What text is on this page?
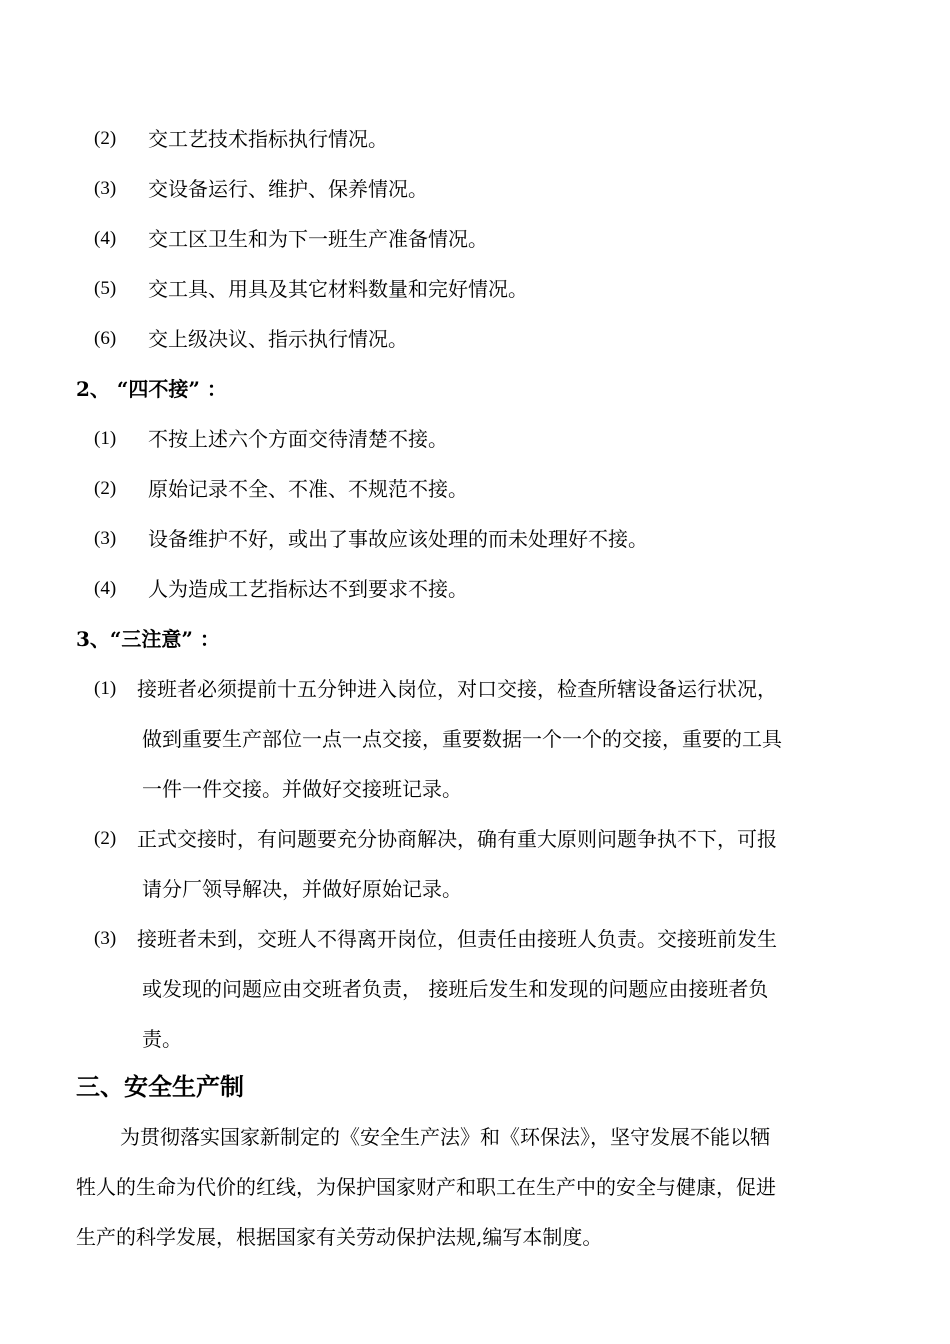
(2) 交工艺技术指标执行情况。
(3) 交设备运行、维护、保养情况。
(4) 交工区卫生和为下一班生产准备情况。
(5) 交工具、用具及其它材料数量和完好情况。
(6) 交上级决议、指示执行情况。
2、 “四不接” ：
(1) 不按上述六个方面交待清楚不接。
(2) 原始记录不全、不准、不规范不接。
(3) 设备维护不好，或出了事故应该处理的而未处理好不接。
(4) 人为造成工艺指标达不到要求不接。
3、“三注意” ：
(1) 接班者必须提前十五分钟进入岗位，对口交接，检查所辖设备运行状况，
做到重要生产部位一点一点交接，重要数据一个一个的交接，重要的工具
一件一件交接。并做好交接班记录。
(2) 正式交接时，有问题要充分协商解决，确有重大原则问题争执不下，可报
请分厂领导解决，并做好原始记录。
(3) 接班者未到，交班人不得离开岗位，但责任由接班人负责。交接班前发生
或发现的问题应由交班者负责， 接班后发生和发现的问题应由接班者负
责。
三、安全生产制
为贯彻落实国家新制定的《安全生产法》和《环保法》，坚守发展不能以牺
牲人的生命为代价的红线，为保护国家财产和职工在生产中的安全与健康，促进
生产的科学发展，根据国家有关劳动保护法规,编写本制度。
